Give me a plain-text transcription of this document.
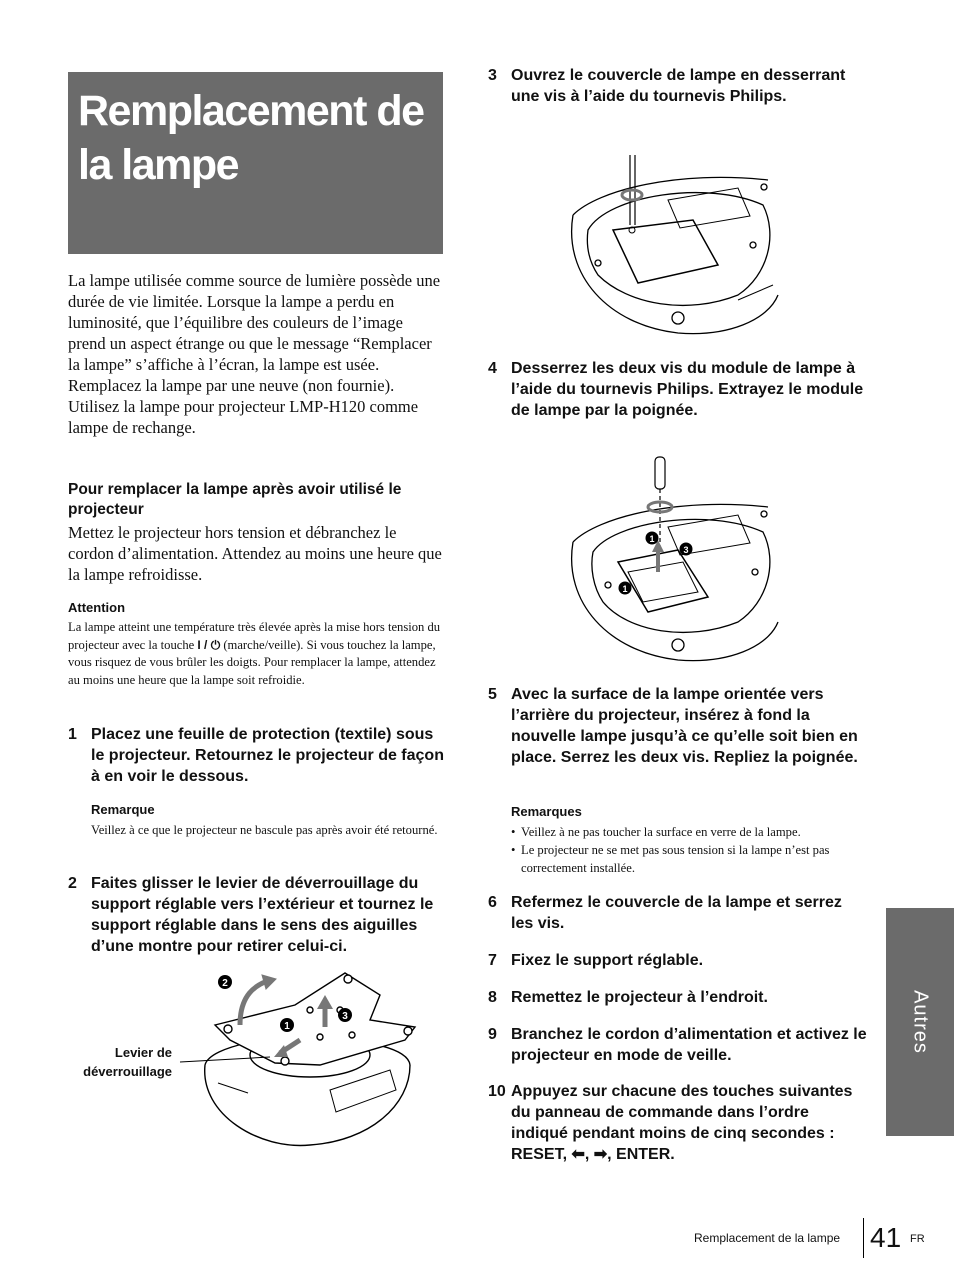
Remplacement de la lampe

La lampe utilisée comme source de lumière possède une durée de vie limitée. Lorsque la lampe a perdu en luminosité, que l’équilibre des couleurs de l’image prend un aspect étrange ou que le message “Remplacer la lampe” s’affiche à l’écran, la lampe est usée. Remplacez la lampe par une neuve (non fournie).
Utilisez la lampe pour projecteur LMP-H120 comme lampe de rechange.

Pour remplacer la lampe après avoir utilisé le projecteur

Mettez le projecteur hors tension et débranchez le cordon d’alimentation. Attendez au moins une heure que la lampe refroidisse.

Attention

La lampe atteint une température très élevée après la mise hors tension du projecteur avec la touche I / ⏻ (marche/veille). Si vous touchez la lampe, vous risquez de vous brûler les doigts. Pour remplacer la lampe, attendez au moins une heure que la lampe soit refroidie.

1 Placez une feuille de protection (textile) sous le projecteur. Retournez le projecteur de façon à en voir le dessous.
Remarque

Veillez à ce que le projecteur ne bascule pas après avoir été retourné.

2 Faites glisser le levier de déverrouillage du support réglable vers l’extérieur et tournez le support réglable dans le sens des aiguilles d’une montre pour retirer celui-ci.
2
1
3
Levier de déverrouillage
3 Ouvrez le couvercle de lampe en desserrant une vis à l’aide du tournevis Philips.
4 Desserrez les deux vis du module de lampe à l’aide du tournevis Philips. Extrayez le module de lampe par la poignée.
1
3
1
5 Avec la surface de la lampe orientée vers l’arrière du projecteur, insérez à fond la nouvelle lampe jusqu’à ce qu’elle soit bien en place. Serrez les deux vis. Repliez la poignée.
Remarques
• Veillez à ne pas toucher la surface en verre de la lampe.
• Le projecteur ne se met pas sous tension si la lampe n’est pas correctement installée.
6 Refermez le couvercle de la lampe et serrez les vis.
7 Fixez le support réglable.
8 Remettez le projecteur à l’endroit.
9 Branchez le cordon d’alimentation et activez le projecteur en mode de veille.
10 Appuyez sur chacune des touches suivantes du panneau de commande dans l’ordre indiqué pendant moins de cinq secondes : RESET, ⬅, ➡, ENTER.
Autres
Remplacement de la lampe 41 FR
